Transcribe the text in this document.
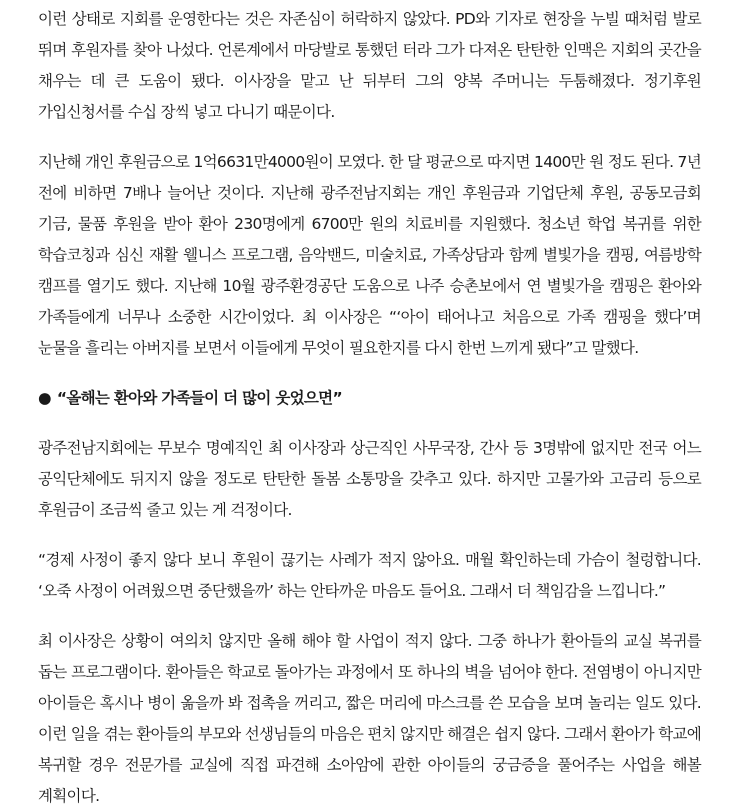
이런 상태로 지회를 운영한다는 것은 자존심이 허락하지 않았다. PD와 기자로 현장을 누빌 때처럼 발로 뛰며 후원자를 찾아 나섰다. 언론계에서 마당발로 통했던 터라 그가 다져온 탄탄한 인맥은 지회의 곳간을 채우는 데 큰 도움이 됐다. 이사장을 맡고 난 뒤부터 그의 양복 주머니는 두툼해졌다. 정기후원 가입신청서를 수십 장씩 넣고 다니기 때문이다.

지난해 개인 후원금으로 1억6631만4000원이 모였다. 한 달 평균으로 따지면 1400만 원 정도 된다. 7년 전에 비하면 7배나 늘어난 것이다. 지난해 광주전남지회는 개인 후원금과 기업단체 후원, 공동모금회 기금, 물품 후원을 받아 환아 230명에게 6700만 원의 치료비를 지원했다. 청소년 학업 복귀를 위한 학습코칭과 심신 재활 웰니스 프로그램, 음악밴드, 미술치료, 가족상담과 함께 별빛가을 캠핑, 여름방학 캠프를 열기도 했다. 지난해 10월 광주환경공단 도움으로 나주 승촌보에서 연 별빛가을 캠핑은 환아와 가족들에게 너무나 소중한 시간이었다. 최 이사장은 “‘아이 태어나고 처음으로 가족 캠핑을 했다’며 눈물을 흘리는 아버지를 보면서 이들에게 무엇이 필요한지를 다시 한번 느끼게 됐다”고 말했다.

● “올해는 환아와 가족들이 더 많이 웃었으면”

광주전남지회에는 무보수 명예직인 최 이사장과 상근직인 사무국장, 간사 등 3명밖에 없지만 전국 어느 공익단체에도 뒤지지 않을 정도로 탄탄한 돌봄 소통망을 갖추고 있다. 하지만 고물가와 고금리 등으로 후원금이 조금씩 줄고 있는 게 걱정이다.

“경제 사정이 좋지 않다 보니 후원이 끊기는 사례가 적지 않아요. 매월 확인하는데 가슴이 철렁합니다. ‘오죽 사정이 어려웠으면 중단했을까’ 하는 안타까운 마음도 들어요. 그래서 더 책임감을 느낍니다.”

최 이사장은 상황이 여의치 않지만 올해 해야 할 사업이 적지 않다. 그중 하나가 환아들의 교실 복귀를 돕는 프로그램이다. 환아들은 학교로 돌아가는 과정에서 또 하나의 벽을 넘어야 한다. 전염병이 아니지만 아이들은 혹시나 병이 옮을까 봐 접촉을 꺼리고, 짧은 머리에 마스크를 쓴 모습을 보며 놀리는 일도 있다. 이런 일을 겪는 환아들의 부모와 선생님들의 마음은 편치 않지만 해결은 쉽지 않다. 그래서 환아가 학교에 복귀할 경우 전문가를 교실에 직접 파견해 소아암에 관한 아이들의 궁금증을 풀어주는 사업을 해볼 계획이다.
